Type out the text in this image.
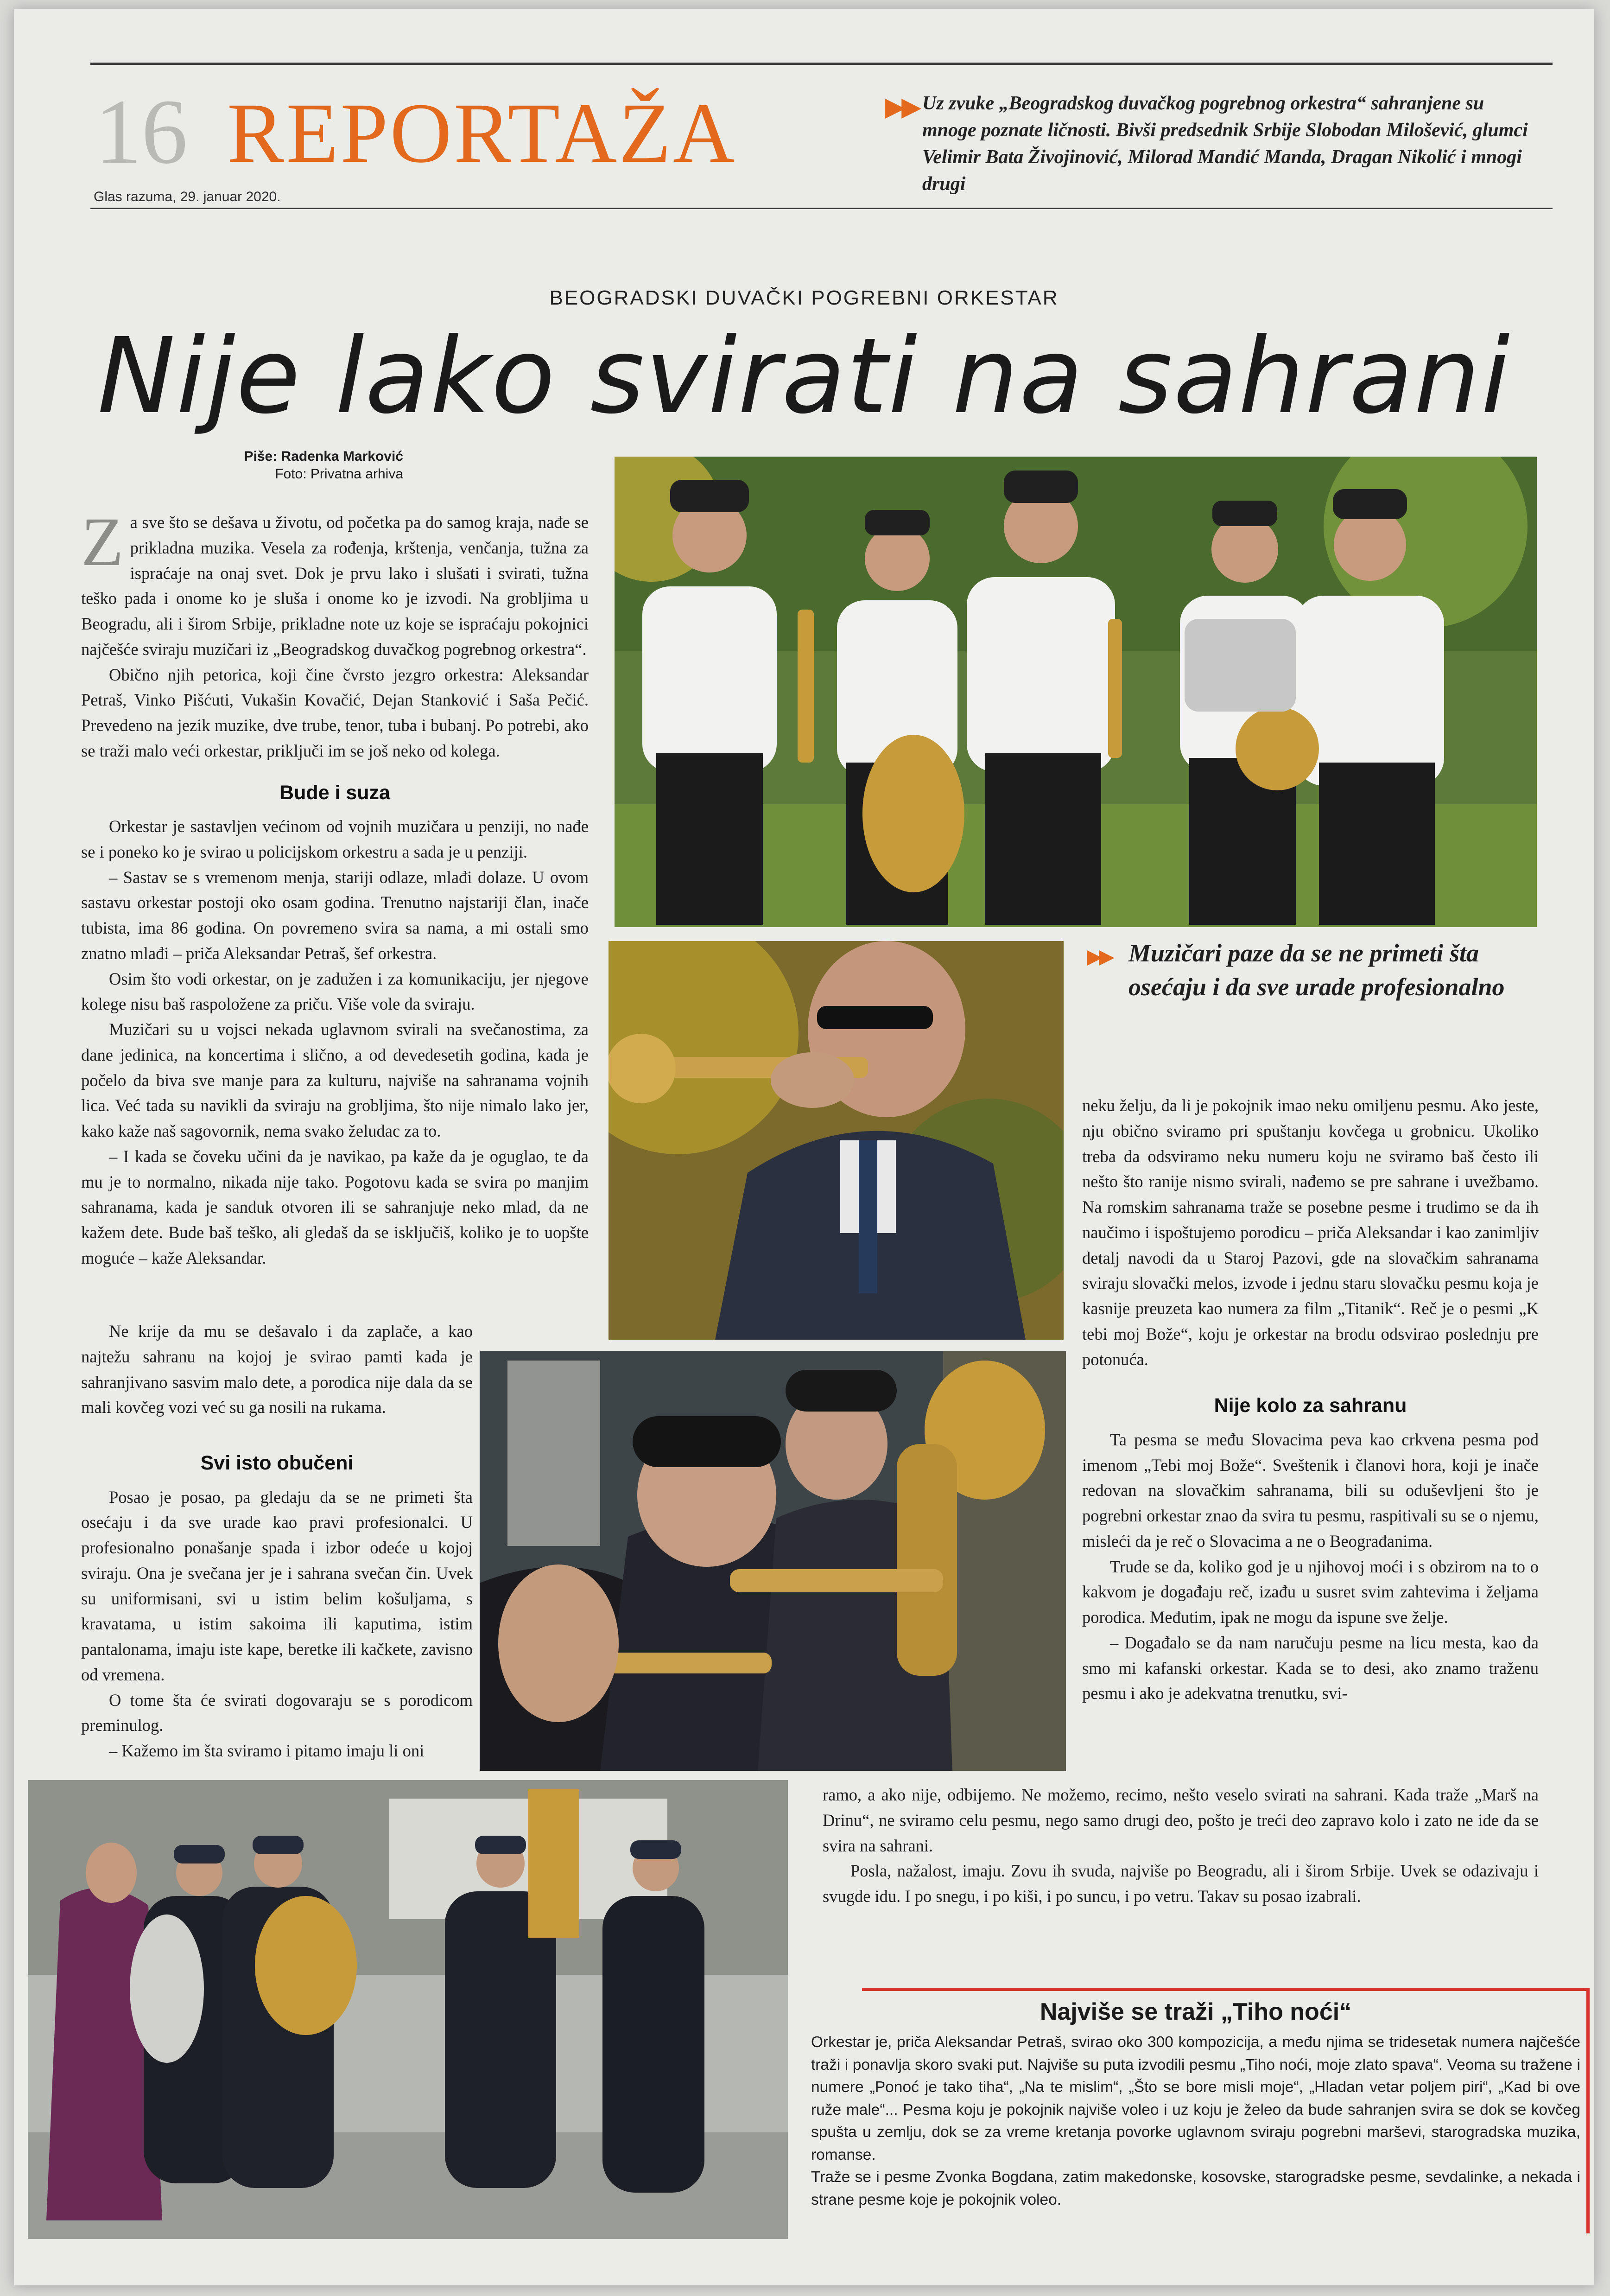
16 REPORTAŽA
Glas razuma, 29. januar 2020.
▶▶ Uz zvuke „Beogradskog duvačkog pogrebnog orkestra“ sahranjene su mnoge poznate ličnosti. Bivši predsednik Srbije Slobodan Milošević, glumci Velimir Bata Živojinović, Milorad Mandić Manda, Dragan Nikolić i mnogi drugi
BEOGRADSKI DUVAČKI POGREBNI ORKESTAR
Nije lako svirati na sahrani
Piše: Radenka Marković
Foto: Privatna arhiva

Za sve što se dešava u životu, od početka pa do samog kraja, nađe se prikladna muzika. Vesela za rođenja, krštenja, venčanja, tužna za ispraćaje na onaj svet. Dok je prvu lako i slušati i svirati, tužna teško pada i onome ko je sluša i onome ko je izvodi. Na grobljima u Beogradu, ali i širom Srbije, prikladne note uz koje se ispraćaju pokojnici najčešće sviraju muzičari iz „Beogradskog duvačkog pogrebnog orkestra“.

Obično njih petorica, koji čine čvrsto jezgro orkestra: Aleksandar Petraš, Vinko Pišćuti, Vukašin Kovačić, Dejan Stanković i Saša Pečić. Prevedeno na jezik muzike, dve trube, tenor, tuba i bubanj. Po potrebi, ako se traži malo veći orkestar, priključi im se još neko od kolega.

Bude i suza

Orkestar je sastavljen većinom od vojnih muzičara u penziji, no nađe se i poneko ko je svirao u policijskom orkestru a sada je u penziji.

– Sastav se s vremenom menja, stariji odlaze, mlađi dolaze. U ovom sastavu orkestar postoji oko osam godina. Trenutno najstariji član, inače tubista, ima 86 godina. On povremeno svira sa nama, a mi ostali smo znatno mlađi – priča Aleksandar Petraš, šef orkestra.

Osim što vodi orkestar, on je zadužen i za komunikaciju, jer njegove kolege nisu baš raspoložene za priču. Više vole da sviraju.

Muzičari su u vojsci nekada uglavnom svirali na svečanostima, za dane jedinica, na koncertima i slično, a od devedesetih godina, kada je počelo da biva sve manje para za kulturu, najviše na sahranama vojnih lica. Već tada su navikli da sviraju na grobljima, što nije nimalo lako jer, kako kaže naš sagovornik, nema svako želudac za to.

– I kada se čoveku učini da je navikao, pa kaže da je oguglao, te da mu je to normalno, nikada nije tako. Pogotovu kada se svira po manjim sahranama, kada je sanduk otvoren ili se sahranjuje neko mlad, da ne kažem dete. Bude baš teško, ali gledaš da se isključiš, koliko je to uopšte moguće – kaže Aleksandar.

Ne krije da mu se dešavalo i da zaplače, a kao najtežu sahranu na kojoj je svirao pamti kada je sahranjivano sasvim malo dete, a porodica nije dala da se mali kovčeg vozi već su ga nosili na rukama.

Svi isto obučeni

Posao je posao, pa gledaju da se ne primeti šta osećaju i da sve urade kao pravi profesionalci. U profesionalno ponašanje spada i izbor odeće u kojoj sviraju. Ona je svečana jer je i sahrana svečan čin. Uvek su uniformisani, svi u istim belim košuljama, s kravatama, u istim sakoima ili kaputima, istim pantalonama, imaju iste kape, beretke ili kačkete, zavisno od vremena.

O tome šta će svirati dogovaraju se s porodicom preminulog.

– Kažemo im šta sviramo i pitamo imaju li oni

▶▶ Muzičari paze da se ne primeti šta osećaju i da sve urade profesionalno

neku želju, da li je pokojnik imao neku omiljenu pesmu. Ako jeste, nju obično sviramo pri spuštanju kovčega u grobnicu. Ukoliko treba da odsviramo neku numeru koju ne sviramo baš često ili nešto što ranije nismo svirali, nađemo se pre sahrane i uvežbamo. Na romskim sahranama traže se posebne pesme i trudimo se da ih naučimo i ispoštujemo porodicu – priča Aleksandar i kao zanimljiv detalj navodi da u Staroj Pazovi, gde na slovačkim sahranama sviraju slovački melos, izvode i jednu staru slovačku pesmu koja je kasnije preuzeta kao numera za film „Titanik“. Reč je o pesmi „K tebi moj Bože“, koju je orkestar na brodu odsvirao poslednju pre potonuća.

Nije kolo za sahranu

Ta pesma se među Slovacima peva kao crkvena pesma pod imenom „Tebi moj Bože“. Sveštenik i članovi hora, koji je inače redovan na slovačkim sahranama, bili su oduševljeni što je pogrebni orkestar znao da svira tu pesmu, raspitivali su se o njemu, misleći da je reč o Slovacima a ne o Beograđanima.

Trude se da, koliko god je u njihovoj moći i s obzirom na to o kakvom je događaju reč, izađu u susret svim zahtevima i željama porodica. Međutim, ipak ne mogu da ispune sve želje.

– Događalo se da nam naručuju pesme na licu mesta, kao da smo mi kafanski orkestar. Kada se to desi, ako znamo traženu pesmu i ako je adekvatna trenutku, svi-

ramo, a ako nije, odbijemo. Ne možemo, recimo, nešto veselo svirati na sahrani. Kada traže „Marš na Drinu“, ne sviramo celu pesmu, nego samo drugi deo, pošto je treći deo zapravo kolo i zato ne ide da se svira na sahrani.

Posla, nažalost, imaju. Zovu ih svuda, najviše po Beogradu, ali i širom Srbije. Uvek se odazivaju i svugde idu. I po snegu, i po kiši, i po suncu, i po vetru. Takav su posao izabrali.

Najviše se traži „Tiho noći“

Orkestar je, priča Aleksandar Petraš, svirao oko 300 kompozicija, a među njima se tridesetak numera najčešće traži i ponavlja skoro svaki put. Najviše su puta izvodili pesmu „Tiho noći, moje zlato spava“. Veoma su tražene i numere „Ponoć je tako tiha“, „Na te mislim“, „Što se bore misli moje“, „Hladan vetar poljem piri“, „Kad bi ove ruže male“... Pesma koju je pokojnik najviše voleo i uz koju je želeo da bude sahranjen svira se dok se kovčeg spušta u zemlju, dok se za vreme kretanja povorke uglavnom sviraju pogrebni marševi, starogradska muzika, romanse.

Traže se i pesme Zvonka Bogdana, zatim makedonske, kosovske, starogradske pesme, sevdalinke, a nekada i strane pesme koje je pokojnik voleo.
